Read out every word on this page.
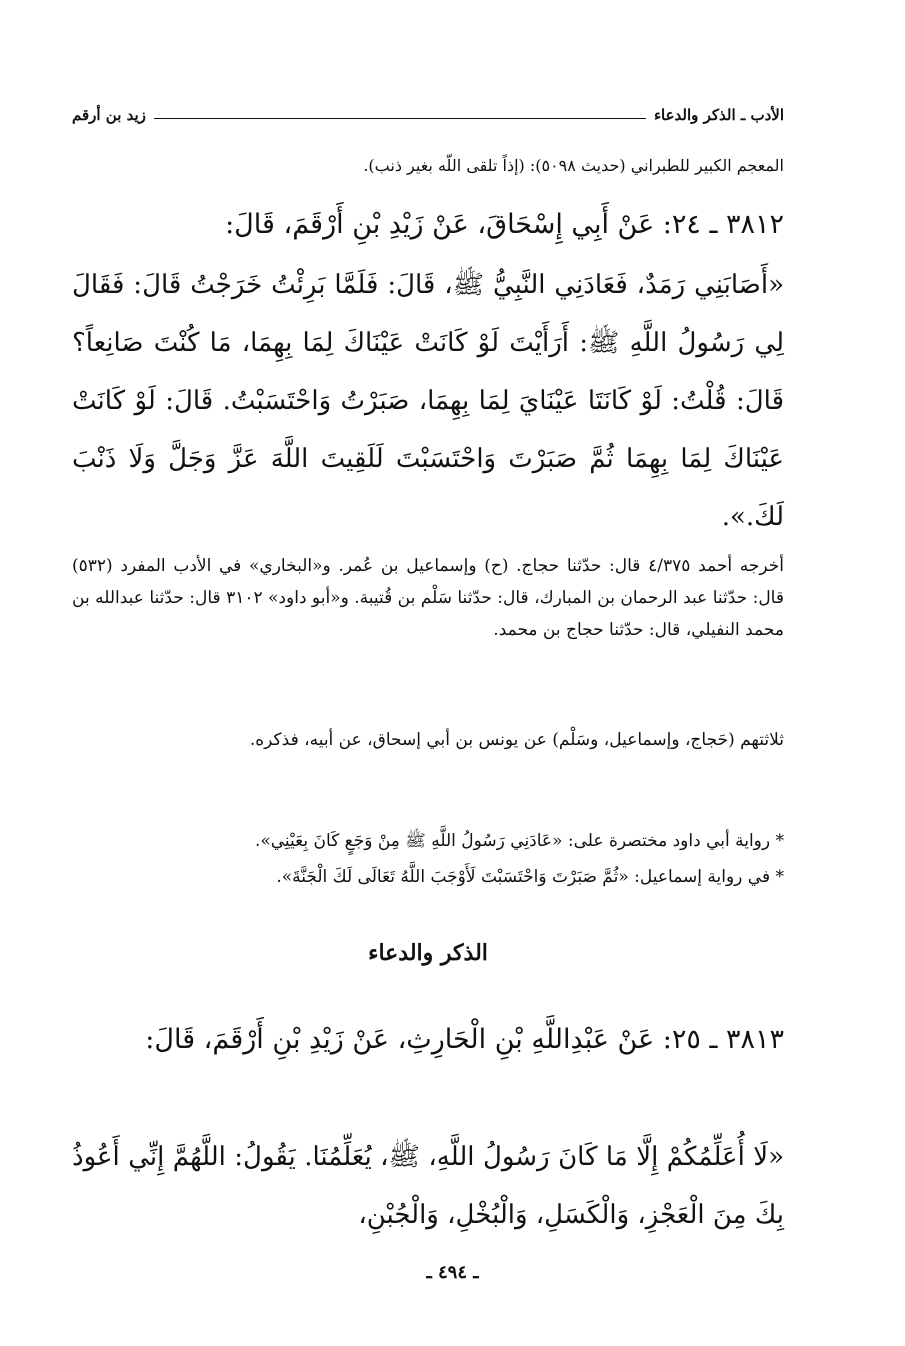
الأدب ـ الذكر والدعاء
زيد بن أرقم
المعجم الكبير للطبراني (حديث ٥٠٩٨): (إذاً تلقى اللّه بغير ذنب).
٣٨١٢ ـ ٢٤: عَنْ أَبِي إِسْحَاقَ، عَنْ زَيْدِ بْنِ أَرْقَمَ، قَالَ:
«أَصَابَنِي رَمَدٌ، فَعَادَنِي النَّبِيُّ ﷺ، قَالَ: فَلَمَّا بَرِئْتُ خَرَجْتُ قَالَ: فَقَالَ لِي رَسُولُ اللَّهِ ﷺ: أَرَأَيْتَ لَوْ كَانَتْ عَيْنَاكَ لِمَا بِهِمَا، مَا كُنْتَ صَانِعاً؟ قَالَ: قُلْتُ: لَوْ كَانَتَا عَيْنَايَ لِمَا بِهِمَا، صَبَرْتُ وَاحْتَسَبْتُ. قَالَ: لَوْ كَانَتْ عَيْنَاكَ لِمَا بِهِمَا ثُمَّ صَبَرْتَ وَاحْتَسَبْتَ لَلَقِيتَ اللَّهَ عَزَّ وَجَلَّ وَلَا ذَنْبَ لَكَ.».
أخرجه أحمد ٤/٣٧٥ قال: حدّثنا حجاج. (ح) وإسماعيل بن عُمر. و«البخاري» في الأدب المفرد (٥٣٢) قال: حدّثنا عبد الرحمان بن المبارك، قال: حدّثنا سَلْم بن قُتيبة. و«أبو داود» ٣١٠٢ قال: حدّثنا عبدالله بن محمد النفيلي، قال: حدّثنا حجاج بن محمد.
ثلاثتهم (حَجاج، وإسماعيل، وسَلْم) عن يونس بن أبي إسحاق، عن أبيه، فذكره.
* رواية أبي داود مختصرة على: «عَادَنِي رَسُولُ اللَّهِ ﷺ مِنْ وَجَعٍ كَانَ بِعَيْنِي».
* في رواية إسماعيل: «ثُمَّ صَبَرْتَ وَاحْتَسَبْتَ لَأَوْجَبَ اللَّهُ تَعَالَى لَكَ الْجَنَّةَ».
الذكر والدعاء
٣٨١٣ ـ ٢٥: عَنْ عَبْدِاللَّهِ بْنِ الْحَارِثِ، عَنْ زَيْدِ بْنِ أَرْقَمَ، قَالَ:
«لَا أُعَلِّمُكُمْ إِلَّا مَا كَانَ رَسُولُ اللَّهِ، ﷺ، يُعَلِّمُنَا. يَقُولُ: اللَّهُمَّ إِنِّي أَعُوذُ بِكَ مِنَ الْعَجْزِ، وَالْكَسَلِ، وَالْبُخْلِ، وَالْجُبْنِ،
ـ ٤٩٤ ـ
